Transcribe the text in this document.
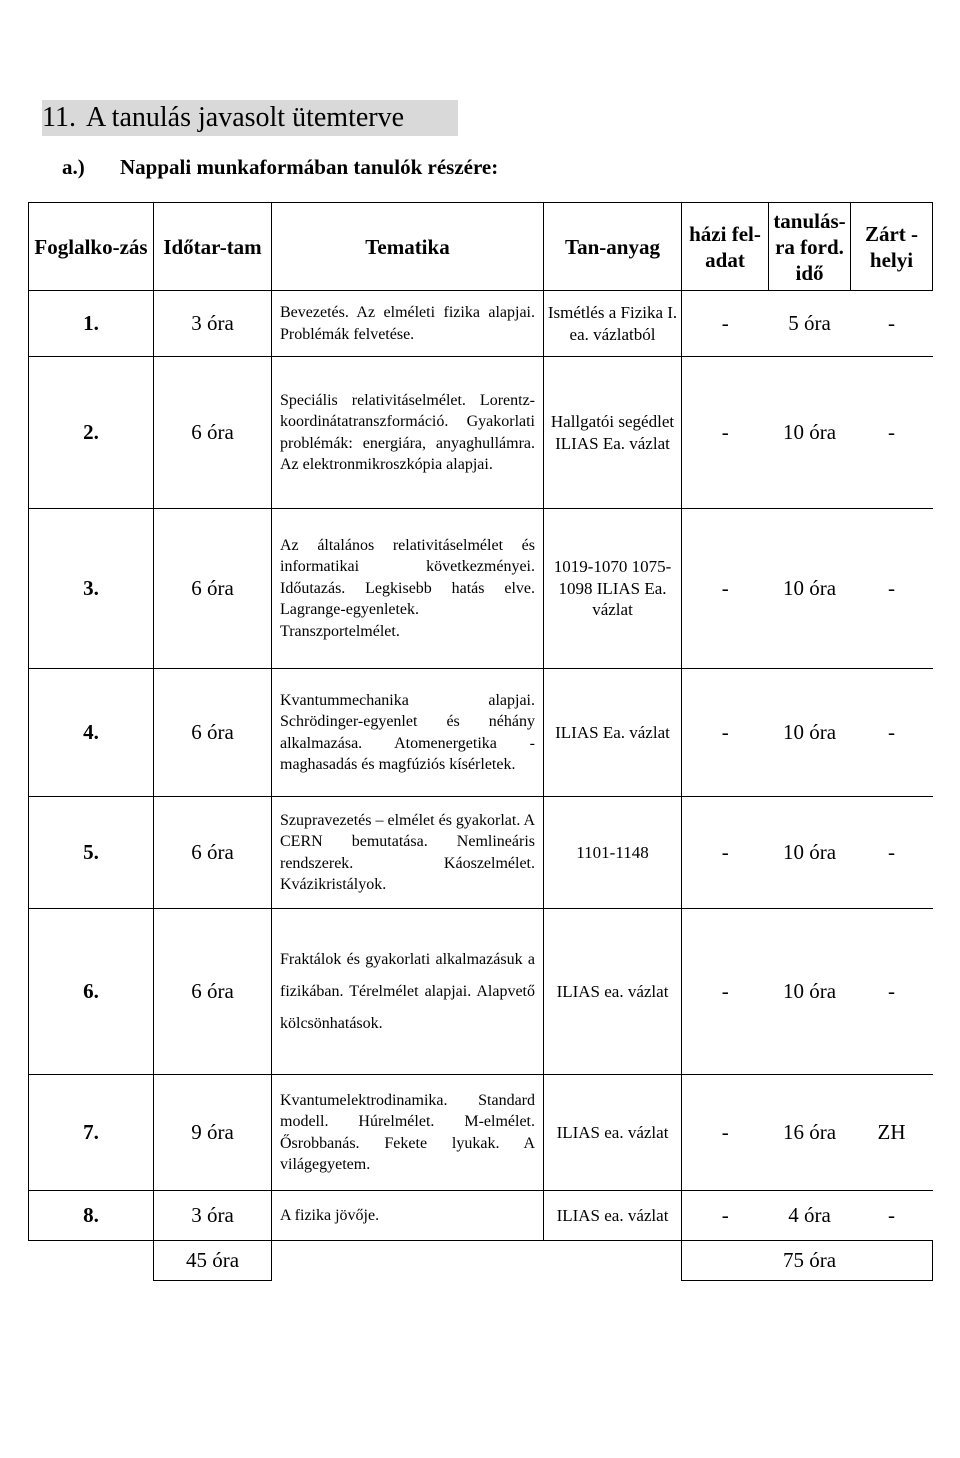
11. A tanulás javasolt ütemterve
a.) Nappali munkaformában tanulók részére:
Foglalko-zás	Időtar-tam	Tematika	Tan-anyag	házi fel-adat	tanulás-ra ford. idő	Zárt -helyi
1.	3 óra	Bevezetés. Az elméleti fizika alapjai. Problémák felvetése.	Ismétlés a Fizika I. ea. vázlatból	-	5 óra	-
2.	6 óra	Speciális relativitáselmélet. Lorentz-koordinátatranszformáció. Gyakorlati problémák: energiára, anyaghullámra. Az elektronmikroszkópia alapjai.	Hallgatói segédlet ILIAS Ea. vázlat	-	10 óra	-
3.	6 óra	Az általános relativitáselmélet és informatikai következményei. Időutazás. Legkisebb hatás elve. Lagrange-egyenletek. Transzportelmélet.	1019-1070 1075-1098 ILIAS Ea. vázlat	-	10 óra	-
4.	6 óra	Kvantummechanika alapjai. Schrödinger-egyenlet és néhány alkalmazása. Atomenergetika - maghasadás és magfúziós kísérletek.	ILIAS Ea. vázlat	-	10 óra	-
5.	6 óra	Szupravezetés – elmélet és gyakorlat. A CERN bemutatása. Nemlineáris rendszerek. Káoszelmélet. Kvázikristályok.	1101-1148	-	10 óra	-
6.	6 óra	Fraktálok és gyakorlati alkalmazásuk a fizikában. Térelmélet alapjai. Alapvető kölcsönhatások.	ILIAS ea. vázlat	-	10 óra	-
7.	9 óra	Kvantumelektrodinamika. Standard modell. Húrelmélet. M-elmélet. Ősrobbanás. Fekete lyukak. A világegyetem.	ILIAS ea. vázlat	-	16 óra	ZH
8.	3 óra	A fizika jövője.	ILIAS ea. vázlat	-	4 óra	-
	45 óra				75 óra	
